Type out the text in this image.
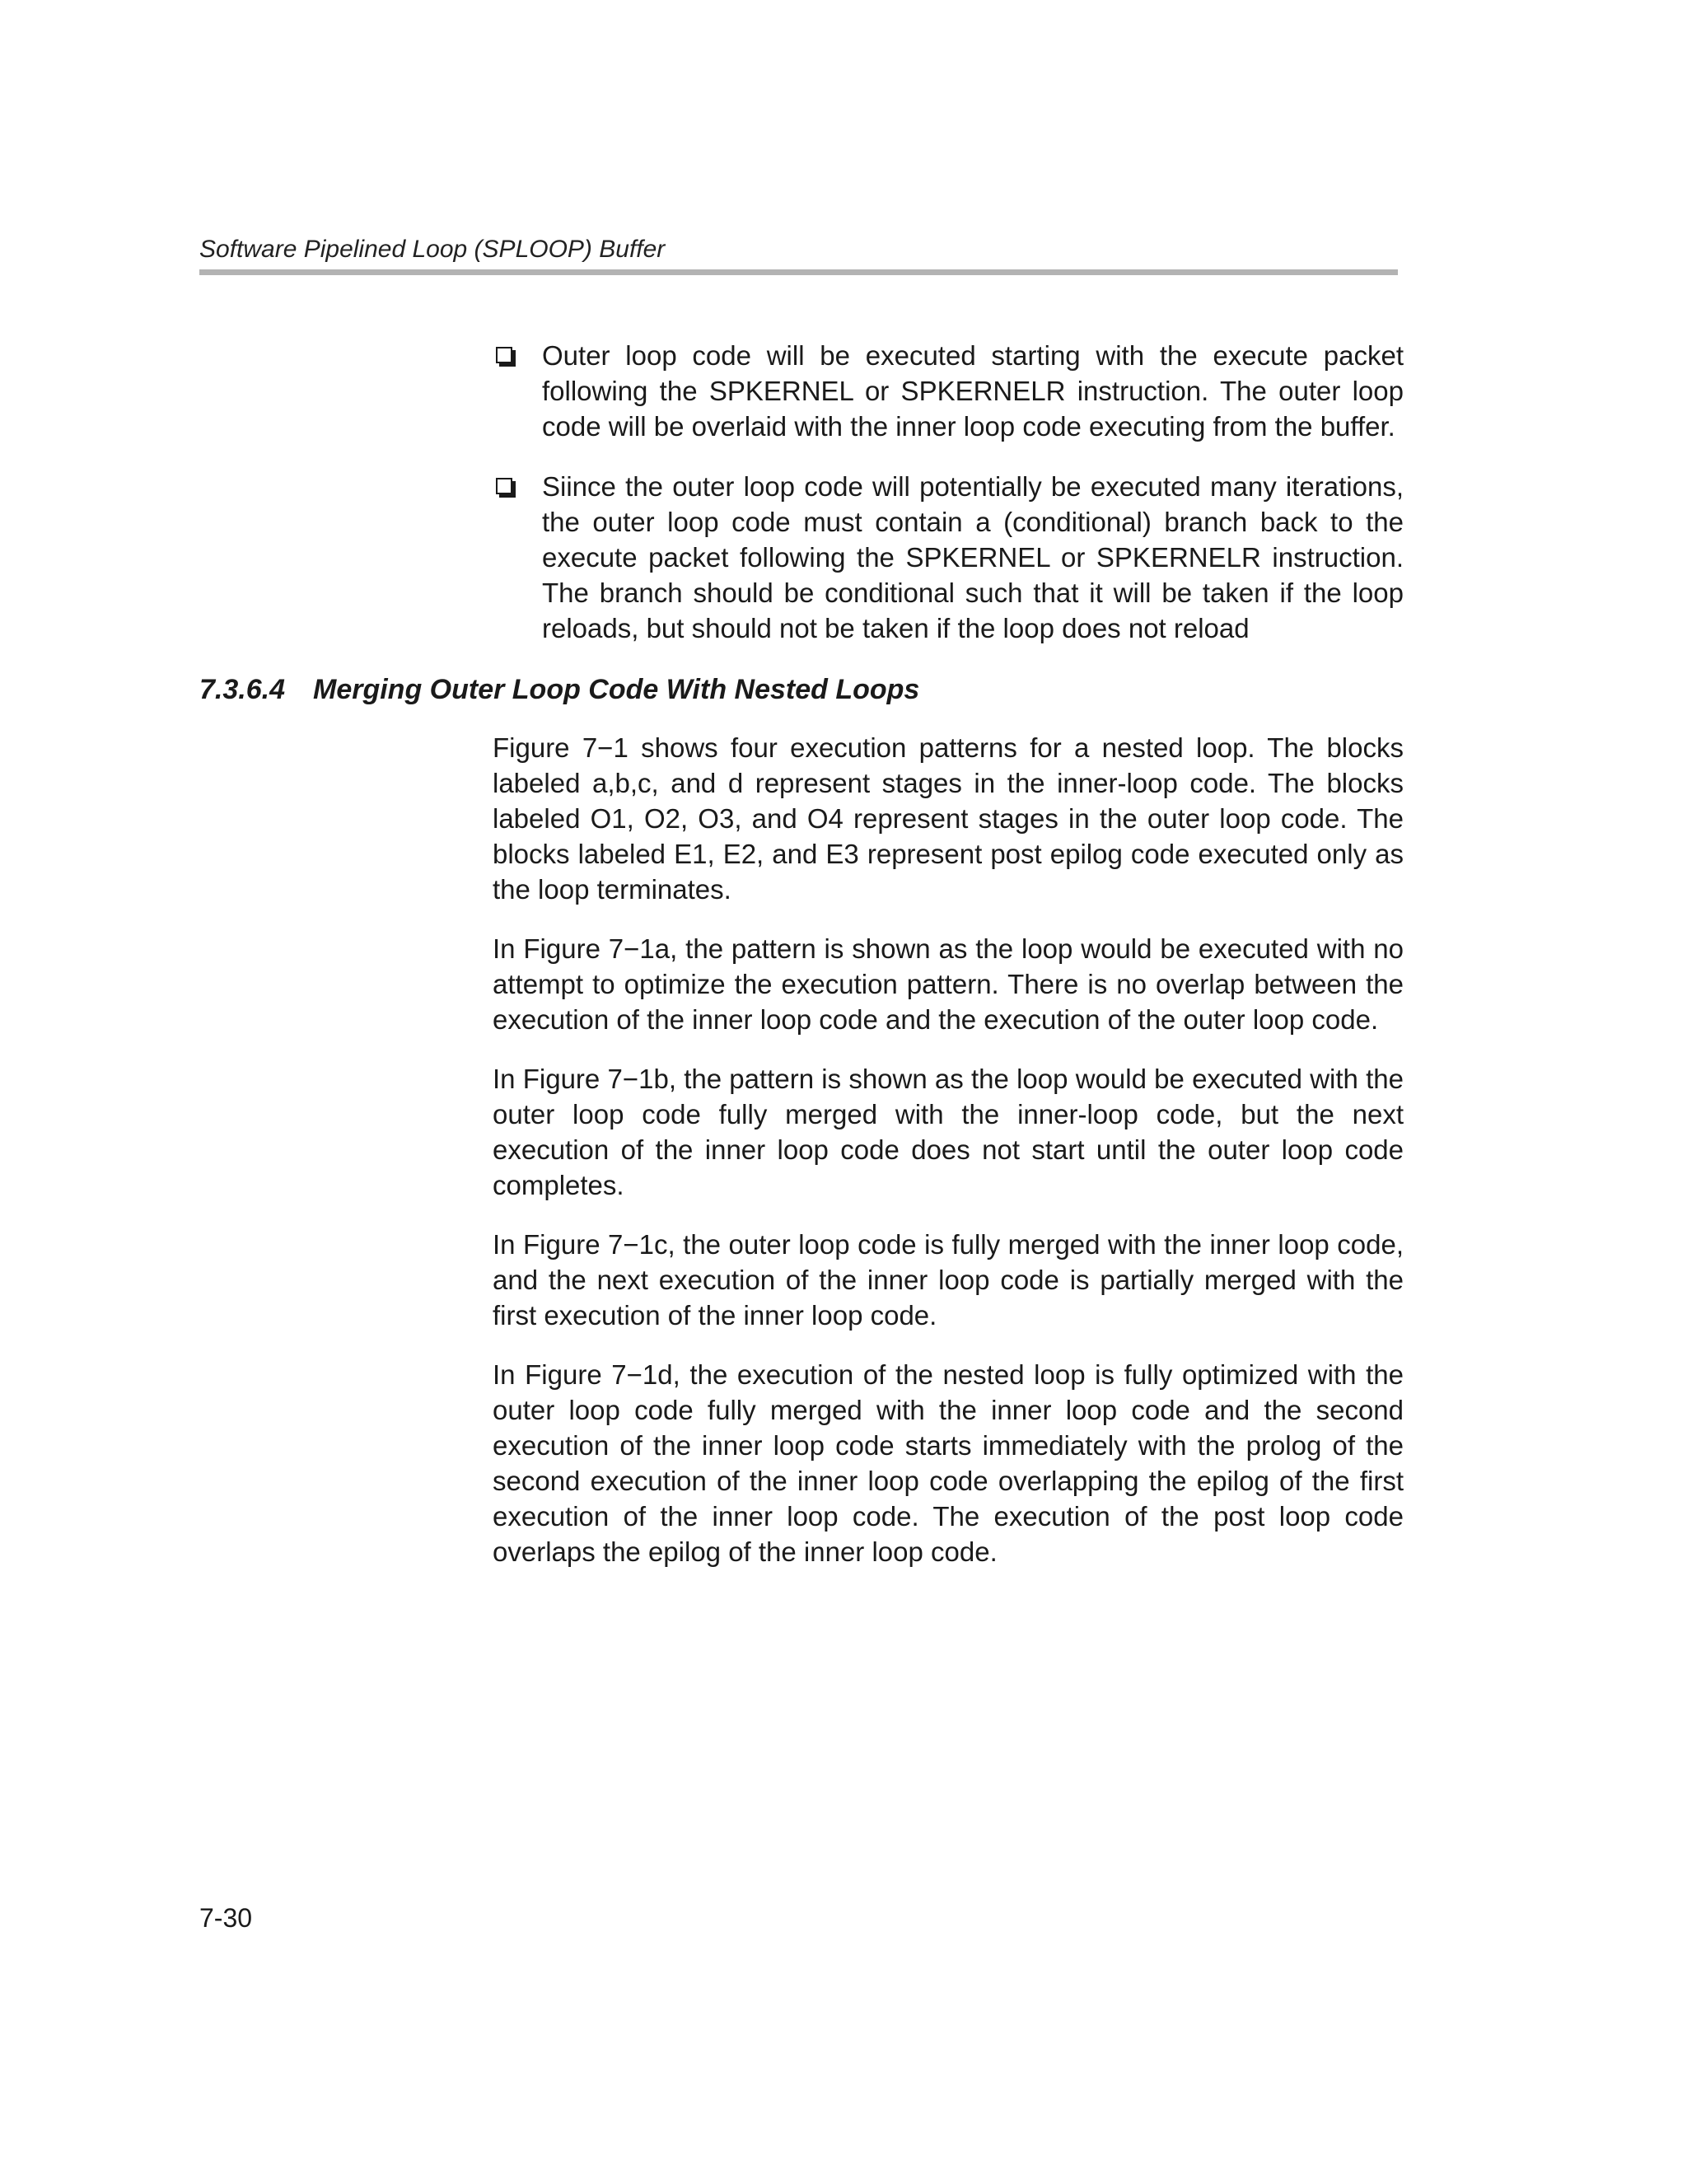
Software Pipelined Loop (SPLOOP) Buffer
Outer loop code will be executed starting with the execute packet following the SPKERNEL or SPKERNELR instruction. The outer loop code will be overlaid with the inner loop code executing from the buffer.
Siince the outer loop code will potentially be executed many iterations, the outer loop code must contain a (conditional) branch back to the execute packet following the SPKERNEL or SPKERNELR instruction. The branch should be conditional such that it will be taken if the loop reloads, but should not be taken if the loop does not reload
7.3.6.4 Merging Outer Loop Code With Nested Loops

Figure 7−1 shows four execution patterns for a nested loop. The blocks labeled a,b,c, and d represent stages in the inner-loop code. The blocks labeled O1, O2, O3, and O4 represent stages in the outer loop code. The blocks labeled E1, E2, and E3 represent post epilog code executed only as the loop terminates.

In Figure 7−1a, the pattern is shown as the loop would be executed with no attempt to optimize the execution pattern. There is no overlap between the execution of the inner loop code and the execution of the outer loop code.

In Figure 7−1b, the pattern is shown as the loop would be executed with the outer loop code fully merged with the inner-loop code, but the next execution of the inner loop code does not start until the outer loop code completes.

In Figure 7−1c, the outer loop code is fully merged with the inner loop code, and the next execution of the inner loop code is partially merged with the first execution of the inner loop code.

In Figure 7−1d, the execution of the nested loop is fully optimized with the outer loop code fully merged with the inner loop code and the second execution of the inner loop code starts immediately with the prolog of the second execution of the inner loop code overlapping the epilog of the first execution of the inner loop code. The execution of the post loop code overlaps the epilog of the inner loop code.

7-30
